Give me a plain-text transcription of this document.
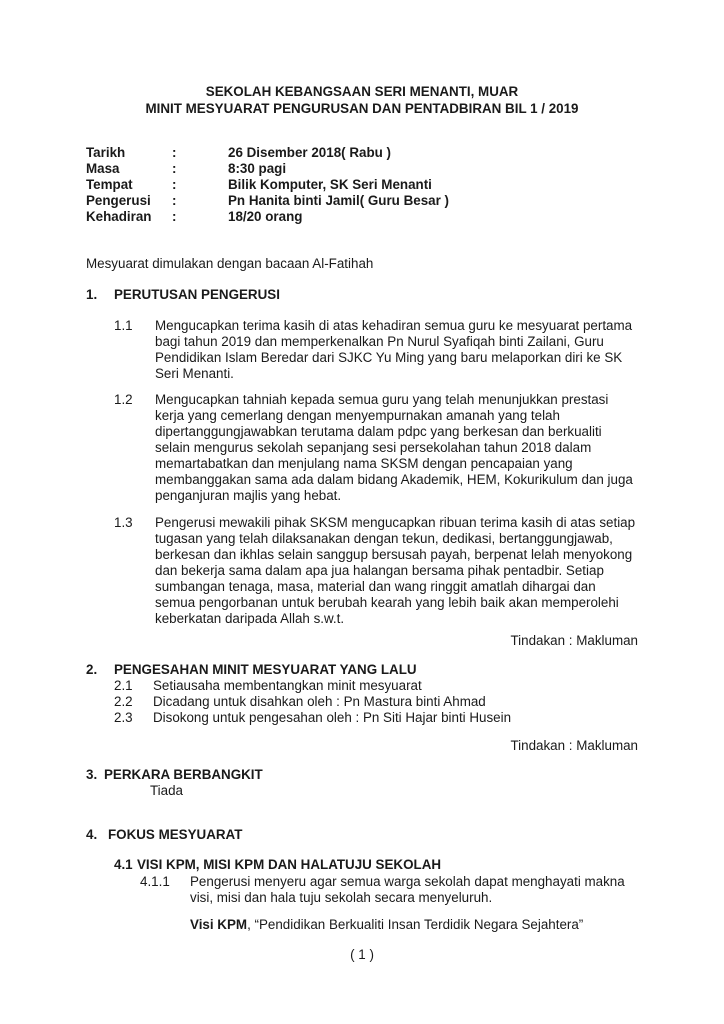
SEKOLAH KEBANGSAAN SERI MENANTI, MUAR
MINIT MESYUARAT PENGURUSAN DAN PENTADBIRAN BIL 1 / 2019
Tarikh	:	26 Disember 2018( Rabu )
Masa	:	8:30 pagi
Tempat	:	Bilik Komputer, SK Seri Menanti
Pengerusi :	Pn Hanita binti Jamil( Guru Besar )
Kehadiran :	18/20 orang
Mesyuarat dimulakan dengan bacaan Al-Fatihah
1. PERUTUSAN PENGERUSI
1.1 Mengucapkan terima kasih di atas kehadiran semua guru ke mesyuarat pertama
bagi tahun 2019 dan memperkenalkan Pn Nurul Syafiqah binti Zailani, Guru
Pendidikan Islam Beredar dari SJKC Yu Ming yang baru melaporkan diri ke SK
Seri Menanti.
1.2 Mengucapkan tahniah kepada semua guru yang telah menunjukkan prestasi
kerja yang cemerlang dengan menyempurnakan amanah yang telah
dipertanggungjawabkan terutama dalam pdpc yang berkesan dan berkualiti
selain mengurus sekolah sepanjang sesi persekolahan tahun 2018 dalam
memartabatkan dan menjulang nama SKSM dengan pencapaian yang
membanggakan sama ada dalam bidang Akademik, HEM, Kokurikulum dan juga
penganjuran majlis yang hebat.
1.3 Pengerusi mewakili pihak SKSM mengucapkan ribuan terima kasih di atas setiap
tugasan yang telah dilaksanakan dengan tekun, dedikasi, bertanggungjawab,
berkesan dan ikhlas selain sanggup bersusah payah, berpenat lelah menyokong
dan bekerja sama dalam apa jua halangan bersama pihak pentadbir. Setiap
sumbangan tenaga, masa, material dan wang ringgit amatlah dihargai dan
semua pengorbanan untuk berubah kearah yang lebih baik akan memperolehi
keberkatan daripada Allah s.w.t.
Tindakan : Makluman
2. PENGESAHAN MINIT MESYUARAT YANG LALU
2.1 Setiausaha membentangkan minit mesyuarat
2.2 Dicadang untuk disahkan oleh : Pn Mastura binti Ahmad
2.3 Disokong untuk pengesahan oleh : Pn Siti Hajar binti Husein
Tindakan : Makluman
3. PERKARA BERBANGKIT
Tiada
4. FOKUS MESYUARAT
4.1 VISI KPM, MISI KPM DAN HALATUJU SEKOLAH
4.1.1 Pengerusi menyeru agar semua warga sekolah dapat menghayati makna
visi, misi dan hala tuju sekolah secara menyeluruh.
Visi KPM, “Pendidikan Berkualiti Insan Terdidik Negara Sejahtera”
( 1 )
